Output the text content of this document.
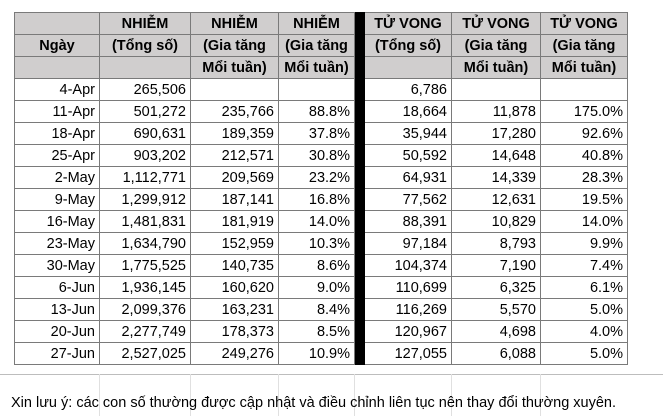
	NHIỄM	NHIỄM	NHIỄM		TỬ VONG	TỬ VONG	TỬ VONG
Ngày	(Tổng số)	(Gia tăng	(Gia tăng		(Tổng số)	(Gia tăng	(Gia tăng
		Mổi tuần)	Mổi tuần)			Mổi tuần)	Mổi tuần)
4-Apr	265,506				6,786		
11-Apr	501,272	235,766	88.8%		18,664	11,878	175.0%
18-Apr	690,631	189,359	37.8%		35,944	17,280	92.6%
25-Apr	903,202	212,571	30.8%		50,592	14,648	40.8%
2-May	1,112,771	209,569	23.2%		64,931	14,339	28.3%
9-May	1,299,912	187,141	16.8%		77,562	12,631	19.5%
16-May	1,481,831	181,919	14.0%		88,391	10,829	14.0%
23-May	1,634,790	152,959	10.3%		97,184	8,793	9.9%
30-May	1,775,525	140,735	8.6%		104,374	7,190	7.4%
6-Jun	1,936,145	160,620	9.0%		110,699	6,325	6.1%
13-Jun	2,099,376	163,231	8.4%		116,269	5,570	5.0%
20-Jun	2,277,749	178,373	8.5%		120,967	4,698	4.0%
27-Jun	2,527,025	249,276	10.9%		127,055	6,088	5.0%
Xin lưu ý: các con số thường được cập nhật và điều chỉnh liên tục nên thay đổi thường xuyên.
